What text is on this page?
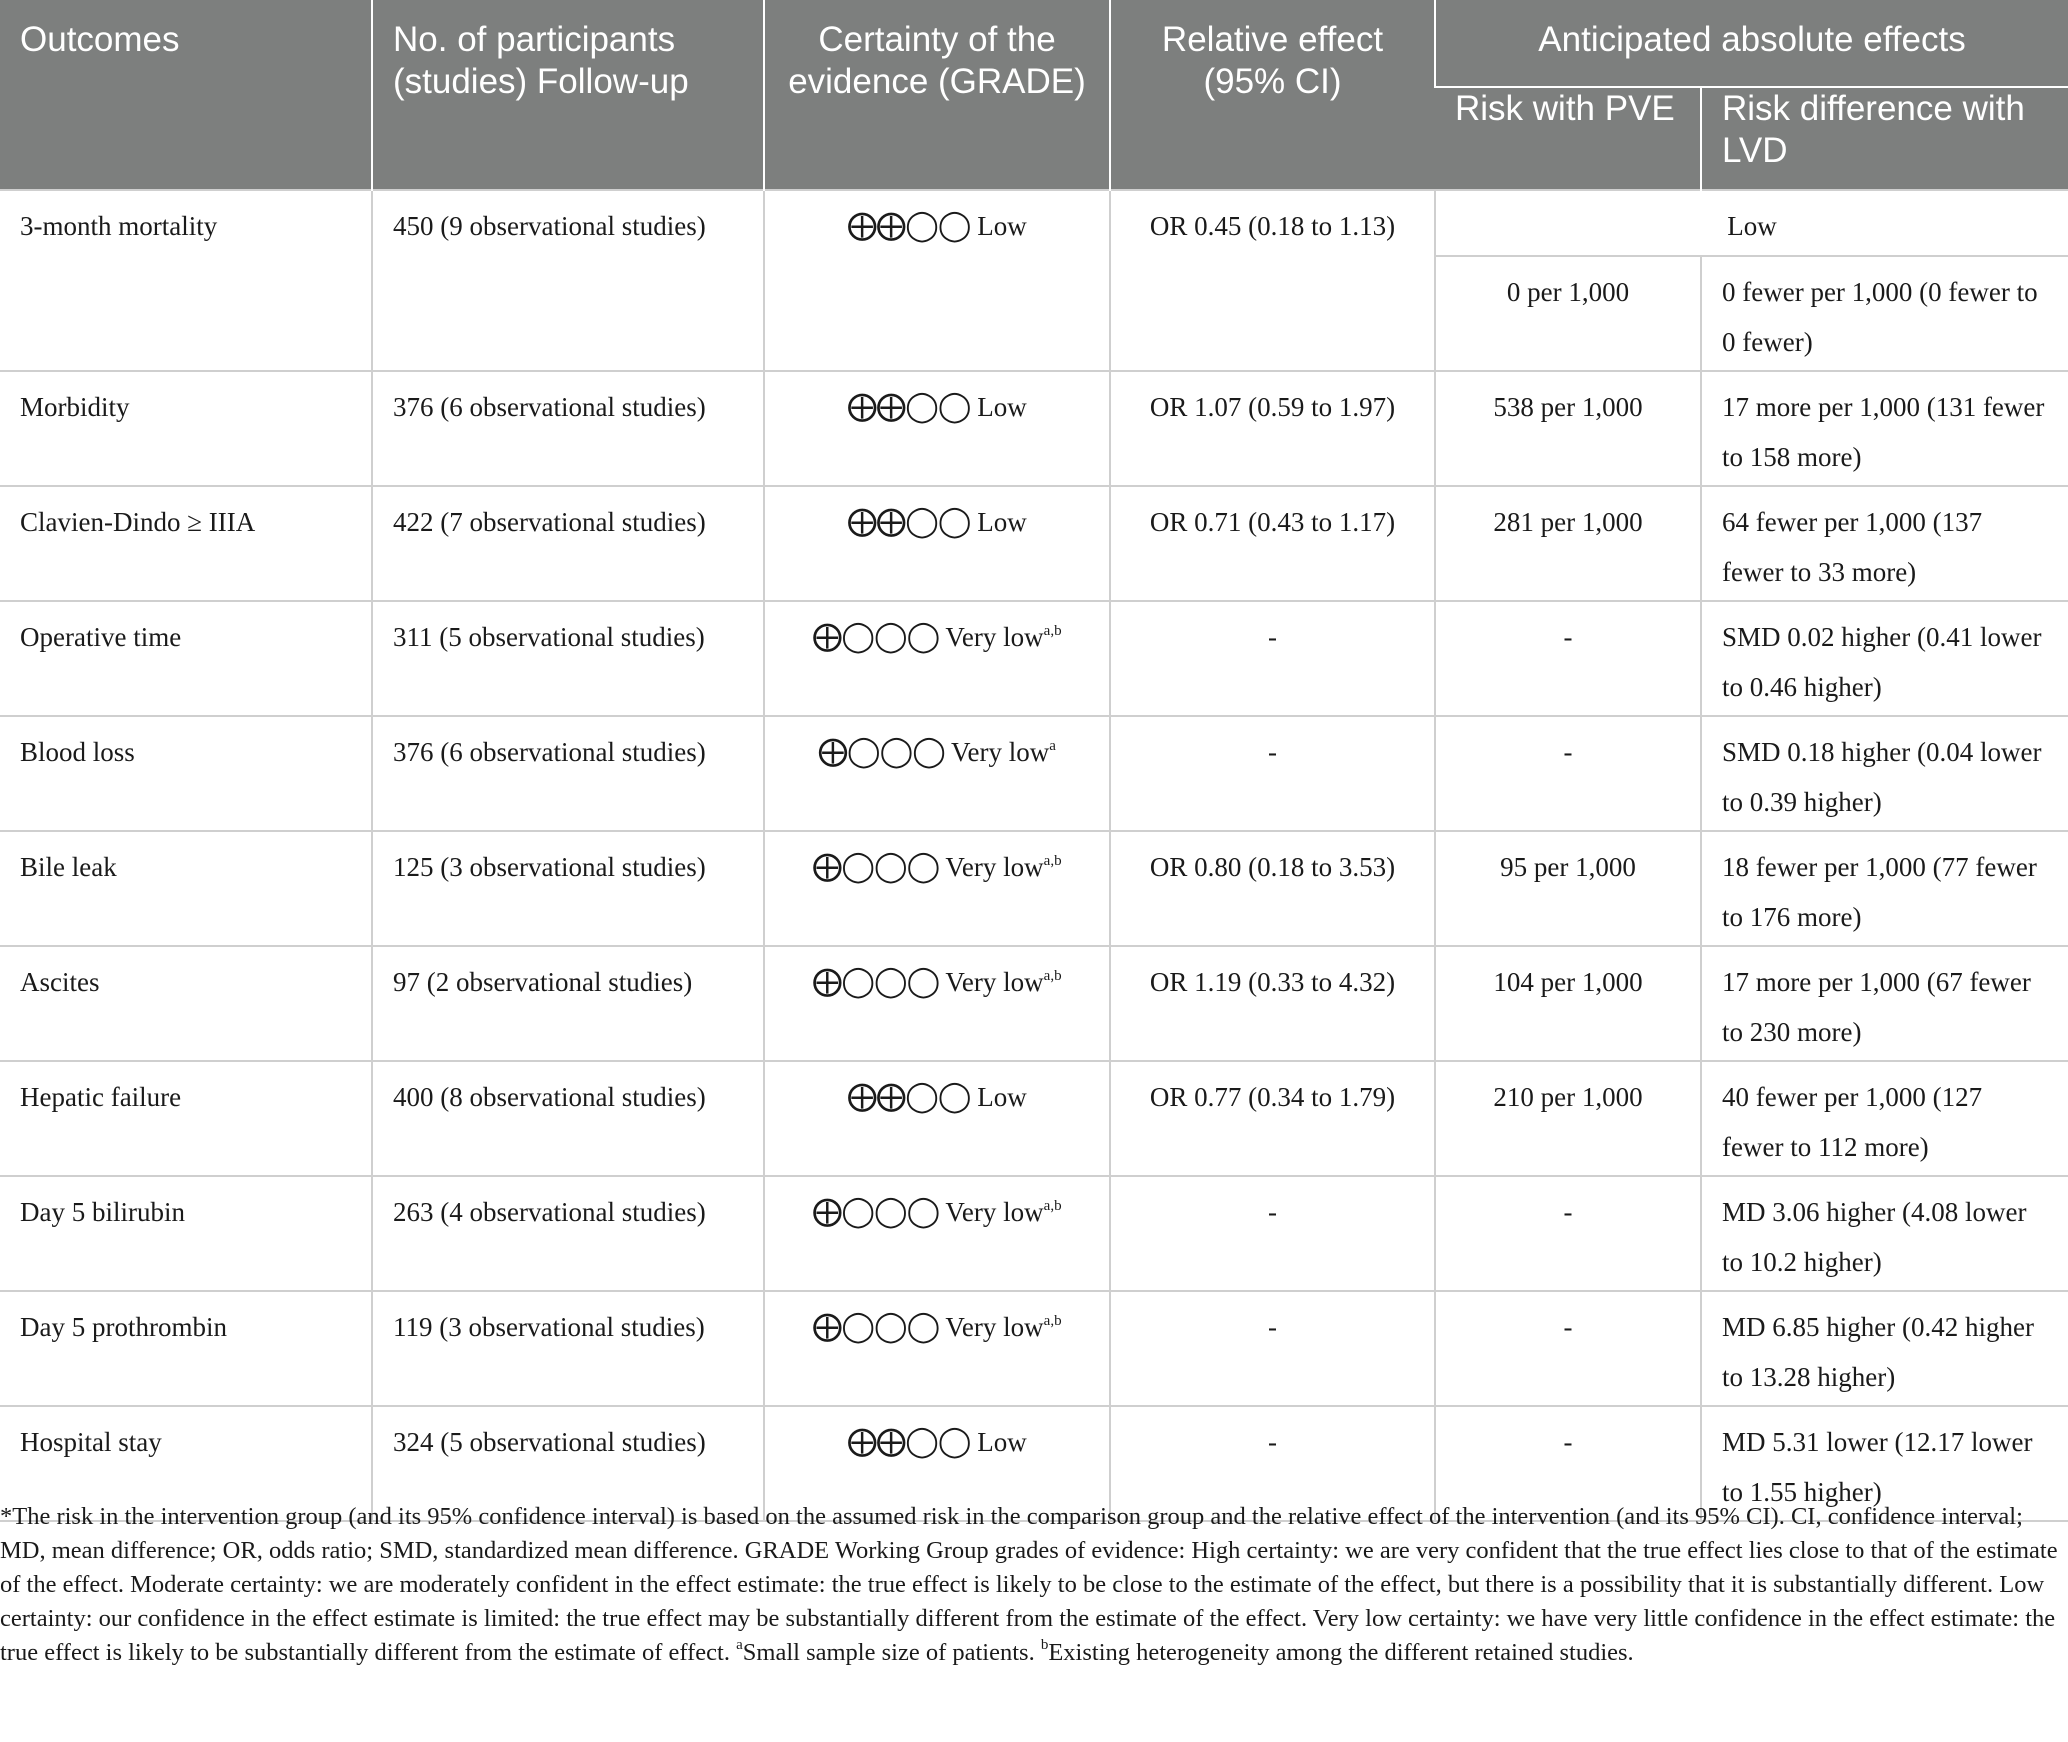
Outcomes	No. of participants (studies) Follow-up	Certainty of the evidence (GRADE)	Relative effect (95% CI)	Anticipated absolute effects	
				Risk with PVE	Risk difference with LVD
3-month mortality	450 (9 observational studies)	⨁⨁◯◯ Low	OR 0.45 (0.18 to 1.13)	Low	
				0 per 1,000	0 fewer per 1,000 (0 fewer to 0 fewer)
Morbidity	376 (6 observational studies)	⨁⨁◯◯ Low	OR 1.07 (0.59 to 1.97)	538 per 1,000	17 more per 1,000 (131 fewer to 158 more)
Clavien-Dindo ≥ IIIA	422 (7 observational studies)	⨁⨁◯◯ Low	OR 0.71 (0.43 to 1.17)	281 per 1,000	64 fewer per 1,000 (137 fewer to 33 more)
Operative time	311 (5 observational studies)	⨁◯◯◯ Very low$^{a,b}$	-	-	SMD 0.02 higher (0.41 lower to 0.46 higher)
Blood loss	376 (6 observational studies)	⨁◯◯◯ Very low$^a$	-	-	SMD 0.18 higher (0.04 lower to 0.39 higher)
Bile leak	125 (3 observational studies)	⨁◯◯◯ Very low$^{a,b}$	OR 0.80 (0.18 to 3.53)	95 per 1,000	18 fewer per 1,000 (77 fewer to 176 more)
Ascites	97 (2 observational studies)	⨁◯◯◯ Very low$^{a,b}$	OR 1.19 (0.33 to 4.32)	104 per 1,000	17 more per 1,000 (67 fewer to 230 more)
Hepatic failure	400 (8 observational studies)	⨁⨁◯◯ Low	OR 0.77 (0.34 to 1.79)	210 per 1,000	40 fewer per 1,000 (127 fewer to 112 more)
Day 5 bilirubin	263 (4 observational studies)	⨁◯◯◯ Very low$^{a,b}$	-	-	MD 3.06 higher (4.08 lower to 10.2 higher)
Day 5 prothrombin	119 (3 observational studies)	⨁◯◯◯ Very low$^{a,b}$	-	-	MD 6.85 higher (0.42 higher to 13.28 higher)
Hospital stay	324 (5 observational studies)	⨁⨁◯◯ Low	-	-	MD 5.31 lower (12.17 lower to 1.55 higher)
*The risk in the intervention group (and its 95% confidence interval) is based on the assumed risk in the comparison group and the relative effect of the intervention (and its 95% CI). CI, confidence interval; MD, mean difference; OR, odds ratio; SMD, standardized mean difference. GRADE Working Group grades of evidence: High certainty: we are very confident that the true effect lies close to that of the estimate of the effect. Moderate certainty: we are moderately confident in the effect estimate: the true effect is likely to be close to the estimate of the effect, but there is a possibility that it is substantially different. Low certainty: our confidence in the effect estimate is limited: the true effect may be substantially different from the estimate of the effect. Very low certainty: we have very little confidence in the effect estimate: the true effect is likely to be substantially different from the estimate of effect. $^a$Small sample size of patients. $^b$Existing heterogeneity among the different retained studies.
